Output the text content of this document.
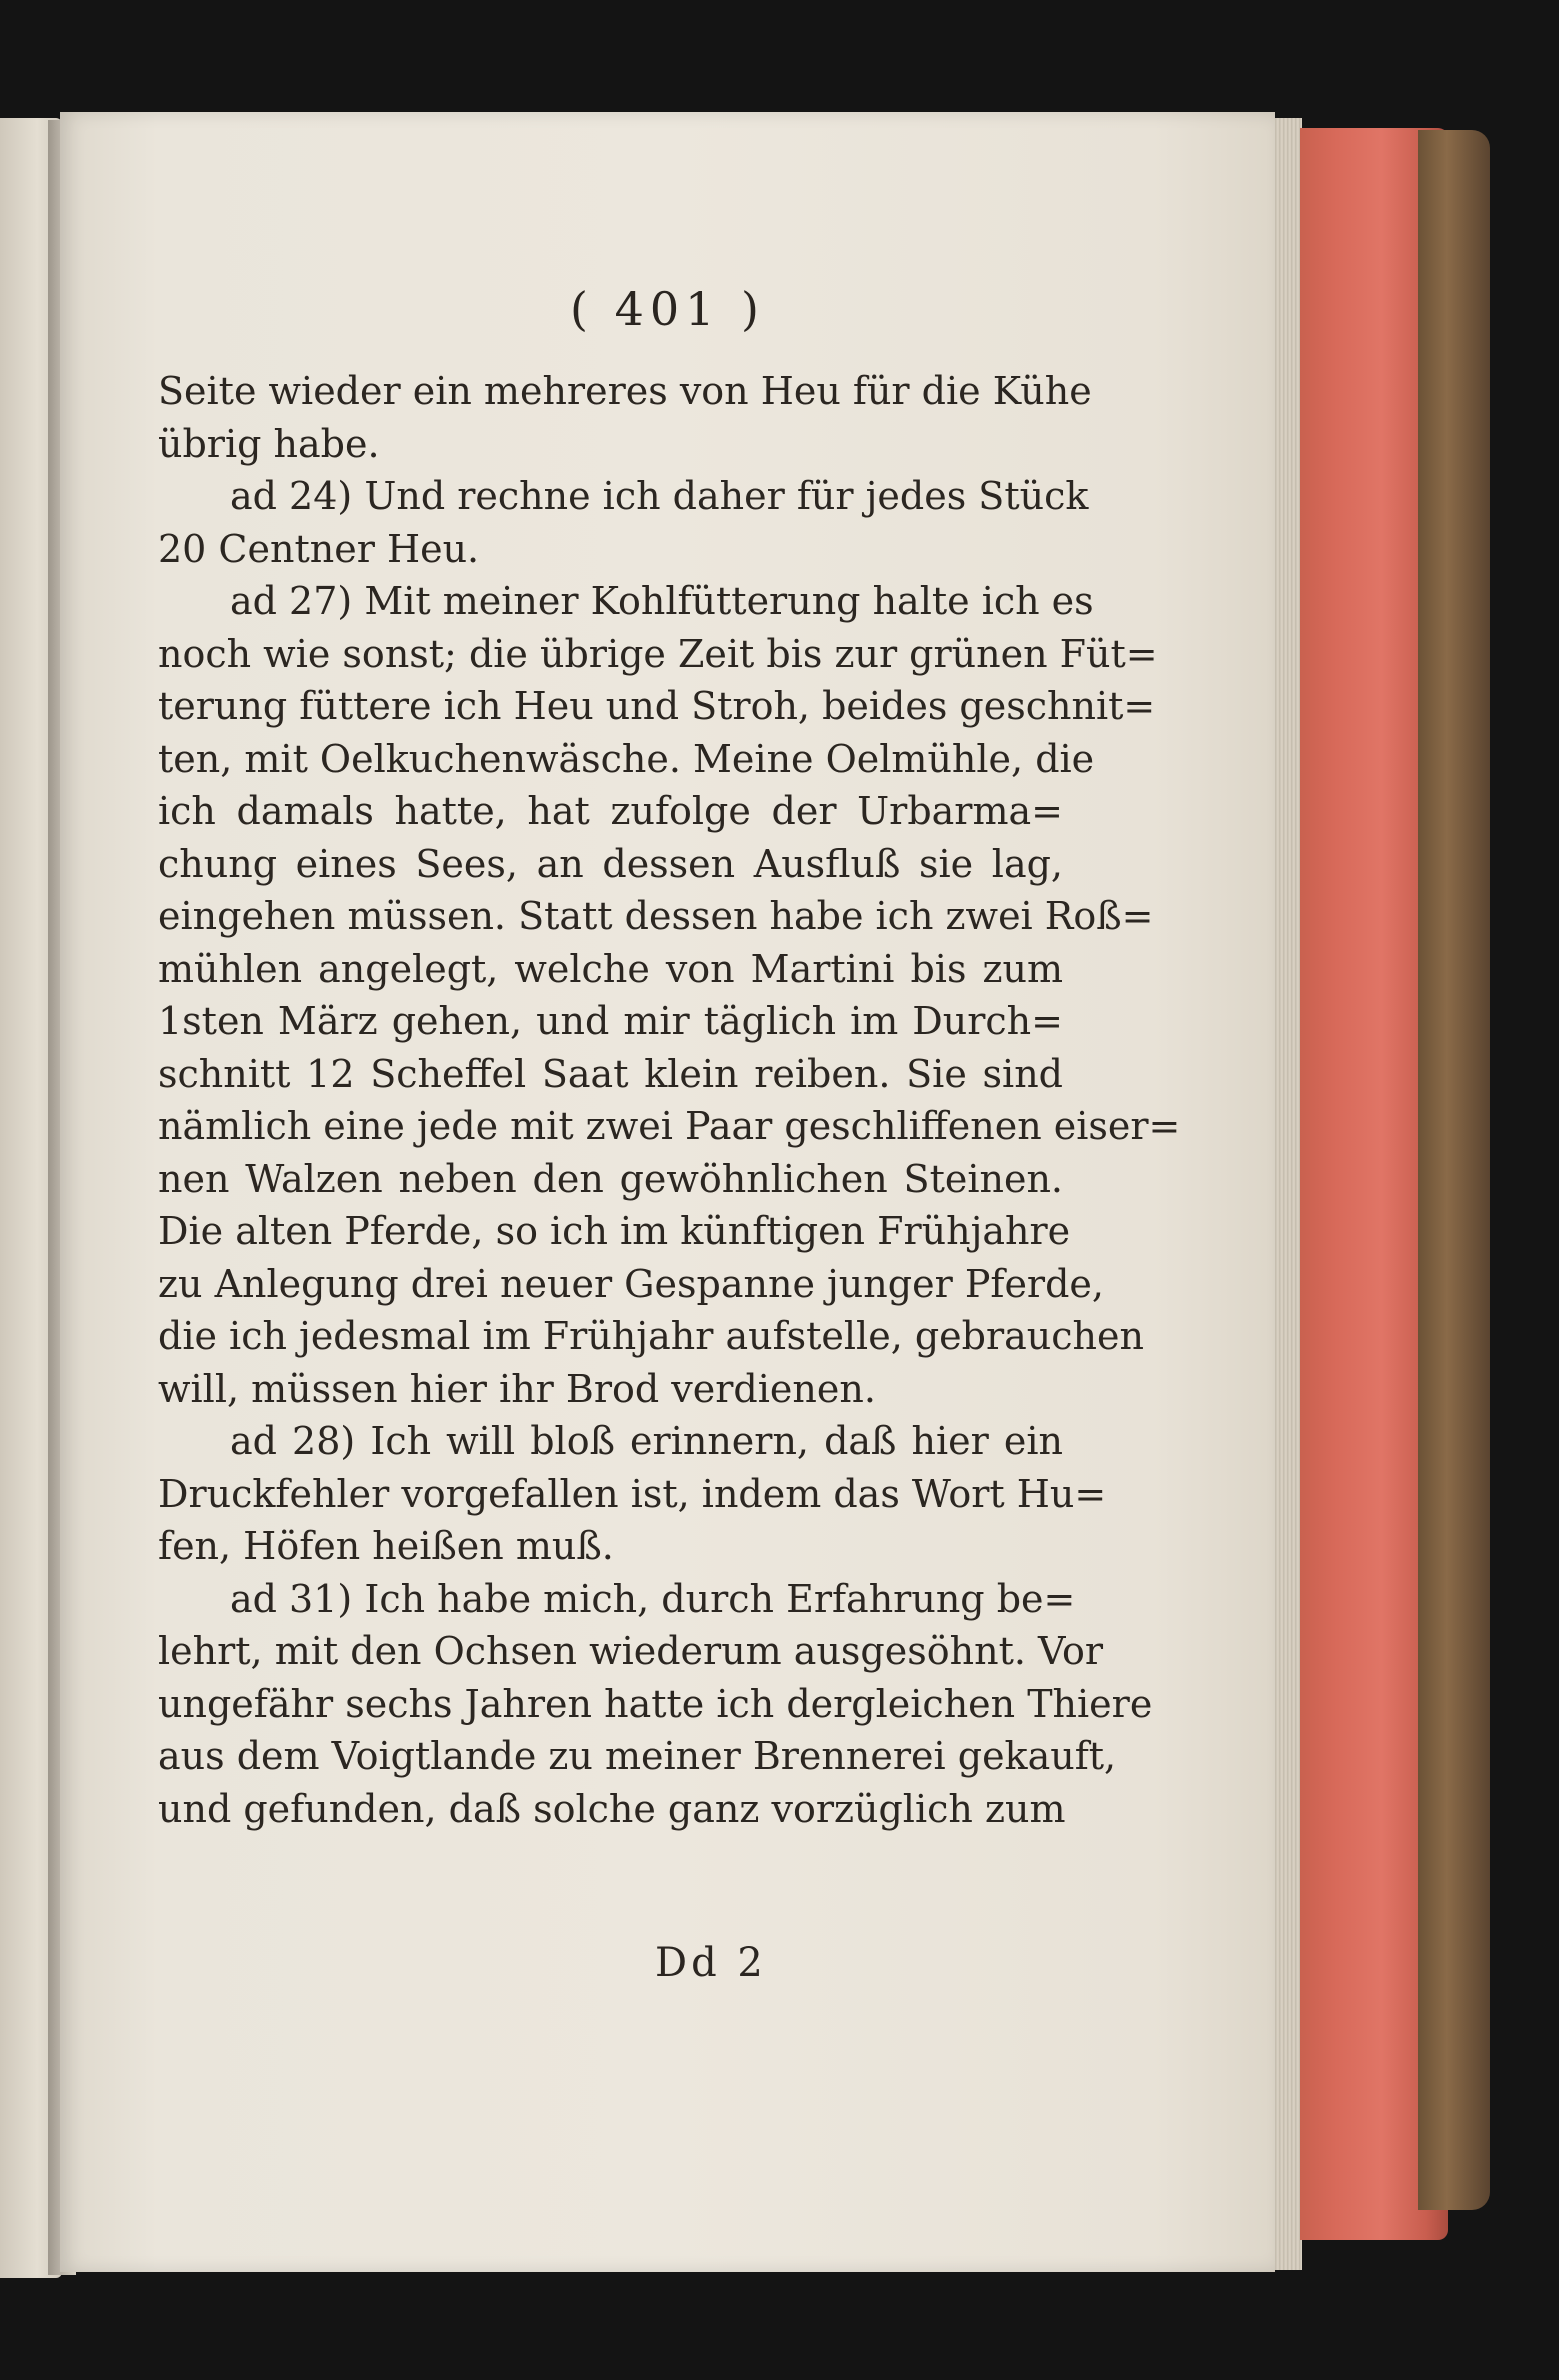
( 401 )
Seite wieder ein mehreres von Heu für die Kühe
übrig habe.
ad 24) Und rechne ich daher für jedes Stück
20 Centner Heu.
ad 27) Mit meiner Kohlfütterung halte ich es
noch wie sonst; die übrige Zeit bis zur grünen Füt=
terung füttere ich Heu und Stroh, beides geschnit=
ten, mit Oelkuchenwäsche. Meine Oelmühle, die
ich damals hatte, hat zufolge der Urbarma=
chung eines Sees, an dessen Ausfluß sie lag,
eingehen müssen. Statt dessen habe ich zwei Roß=
mühlen angelegt, welche von Martini bis zum
1sten März gehen, und mir täglich im Durch=
schnitt 12 Scheffel Saat klein reiben. Sie sind
nämlich eine jede mit zwei Paar geschliffenen eiser=
nen Walzen neben den gewöhnlichen Steinen.
Die alten Pferde, so ich im künftigen Frühjahre
zu Anlegung drei neuer Gespanne junger Pferde,
die ich jedesmal im Frühjahr aufstelle, gebrauchen
will, müssen hier ihr Brod verdienen.
ad 28) Ich will bloß erinnern, daß hier ein
Druckfehler vorgefallen ist, indem das Wort Hu=
fen, Höfen heißen muß.
ad 31) Ich habe mich, durch Erfahrung be=
lehrt, mit den Ochsen wiederum ausgesöhnt. Vor
ungefähr sechs Jahren hatte ich dergleichen Thiere
aus dem Voigtlande zu meiner Brennerei gekauft,
und gefunden, daß solche ganz vorzüglich zum
Dd 2
